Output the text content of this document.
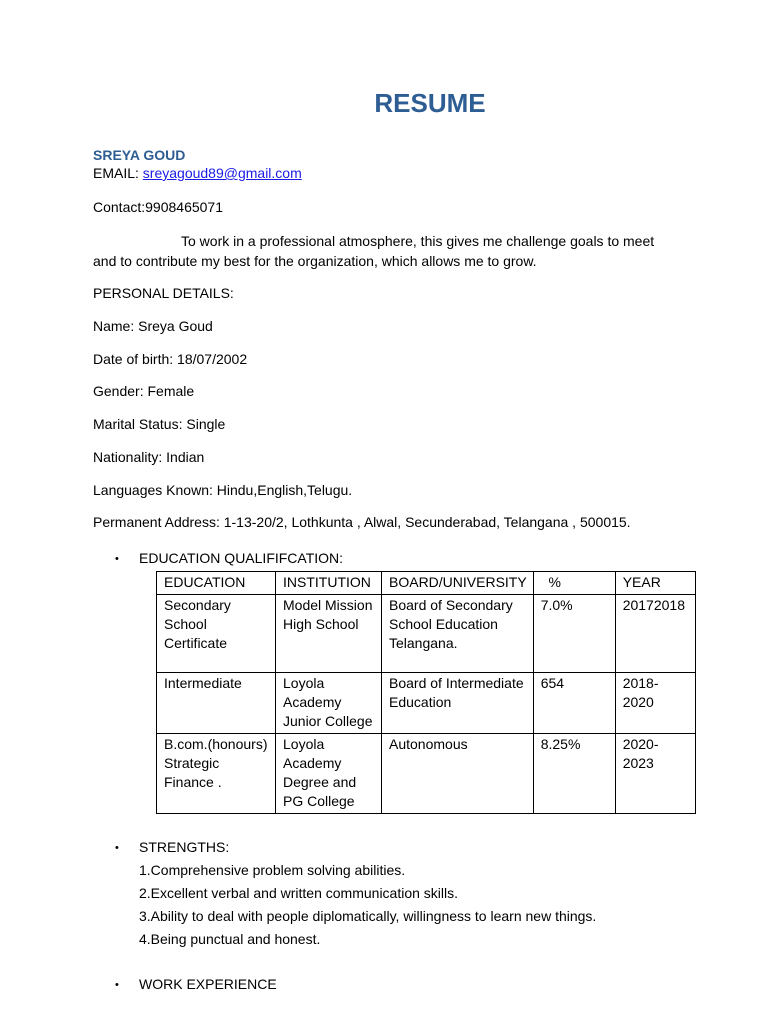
RESUME
SREYA GOUD
EMAIL: sreyagoud89@gmail.com
Contact:9908465071
To work in a professional atmosphere, this gives me challenge goals to meet
and to contribute my best for the organization, which allows me to grow.
PERSONAL DETAILS:
Name: Sreya Goud
Date of birth: 18/07/2002
Gender: Female
Marital Status: Single
Nationality: Indian
Languages Known: Hindu,English,Telugu.
Permanent Address: 1-13-20/2, Lothkunta , Alwal, Secunderabad, Telangana , 500015.
• EDUCATION QUALIFIFCATION:
EDUCATION	INSTITUTION	BOARD/UNIVERSITY	%	YEAR
Secondary School Certificate	Model Mission High School	Board of Secondary School Education Telangana.	7.0%	20172018
Intermediate	Loyola Academy Junior College	Board of Intermediate Education	654	2018-2020
B.com.(honours) Strategic Finance .	Loyola Academy Degree and PG College	Autonomous	8.25%	2020-2023
• STRENGTHS:
1.Comprehensive problem solving abilities.
2.Excellent verbal and written communication skills.
3.Ability to deal with people diplomatically, willingness to learn new things.
4.Being punctual and honest.
• WORK EXPERIENCE
